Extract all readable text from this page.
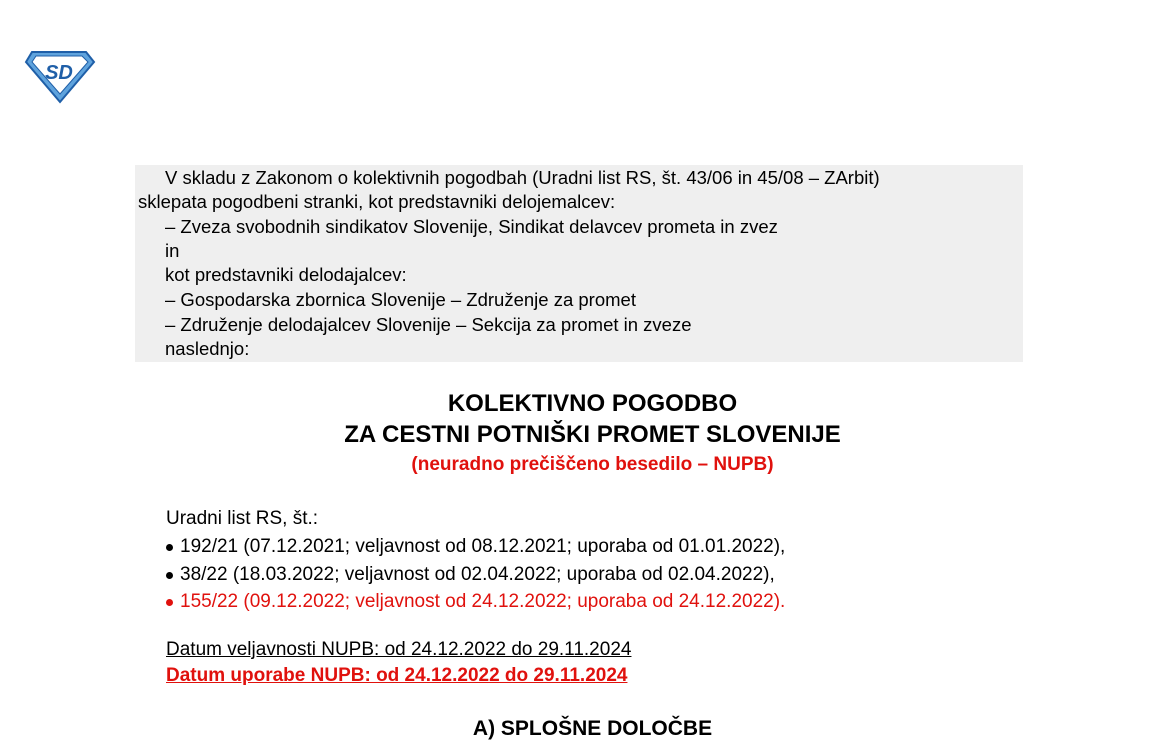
SD
V skladu z Zakonom o kolektivnih pogodbah (Uradni list RS, št. 43/06 in 45/08 – ZArbit)
sklepata pogodbeni stranki, kot predstavniki delojemalcev:
– Zveza svobodnih sindikatov Slovenije, Sindikat delavcev prometa in zvez
in
kot predstavniki delodajalcev:
– Gospodarska zbornica Slovenije – Združenje za promet
– Združenje delodajalcev Slovenije – Sekcija za promet in zveze
naslednjo:
KOLEKTIVNO POGODBO
ZA CESTNI POTNIŠKI PROMET SLOVENIJE
(neuradno prečiščeno besedilo – NUPB)
Uradni list RS, št.:
192/21 (07.12.2021; veljavnost od 08.12.2021; uporaba od 01.01.2022),
38/22 (18.03.2022; veljavnost od 02.04.2022; uporaba od 02.04.2022),
155/22 (09.12.2022; veljavnost od 24.12.2022; uporaba od 24.12.2022).
Datum veljavnosti NUPB: od 24.12.2022 do 29.11.2024
Datum uporabe NUPB: od 24.12.2022 do 29.11.2024
A) SPLOŠNE DOLOČBE
